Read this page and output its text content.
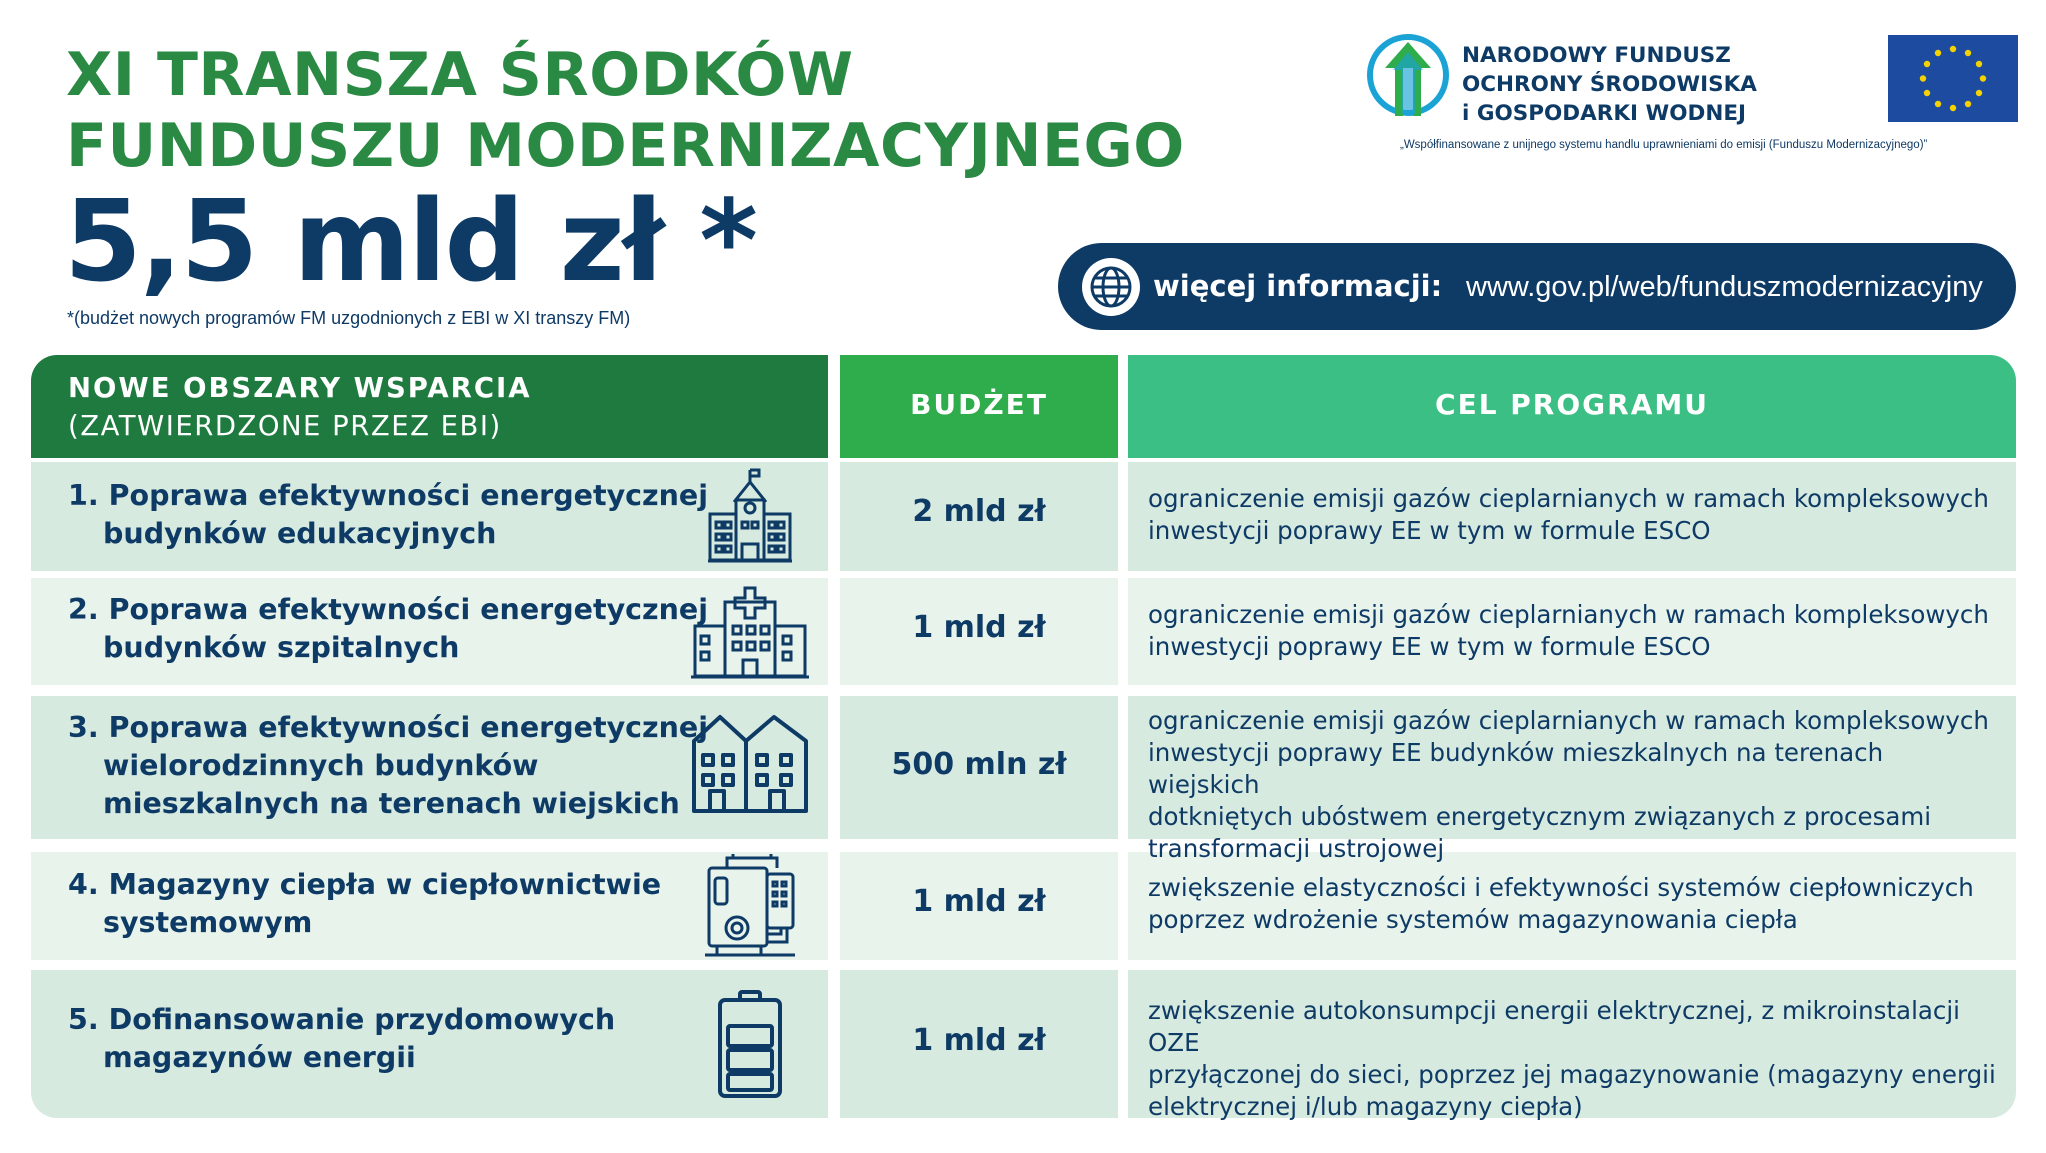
XI TRANSZA ŚRODKÓW
FUNDUSZU MODERNIZACYJNEGO
5,5 mld zł *
*(budżet nowych programów FM uzgodnionych z EBI w XI transzy FM)
NARODOWY FUNDUSZ
OCHRONY ŚRODOWISKA
i GOSPODARKI WODNEJ
„Współfinansowane z unijnego systemu handlu uprawnieniami do emisji (Funduszu Modernizacyjnego)”
więcej informacji: www.gov.pl/web/funduszmodernizacyjny
NOWE OBSZARY WSPARCIA
(ZATWIERDZONE PRZEZ EBI)
BUDŻET	CEL PROGRAMU
1. Poprawa efektywności energetycznej
budynków edukacyjnych
2 mld zł	ograniczenie emisji gazów cieplarnianych w ramach kompleksowych
inwestycji poprawy EE w tym w formule ESCO
2. Poprawa efektywności energetycznej
budynków szpitalnych
1 mld zł	ograniczenie emisji gazów cieplarnianych w ramach kompleksowych
inwestycji poprawy EE w tym w formule ESCO
3. Poprawa efektywności energetycznej
wielorodzinnych budynków
mieszkalnych na terenach wiejskich
500 mln zł
ograniczenie emisji gazów cieplarnianych w ramach kompleksowych
inwestycji poprawy EE budynków mieszkalnych na terenach wiejskich
dotkniętych ubóstwem energetycznym związanych z procesami
transformacji ustrojowej
4. Magazyny ciepła w ciepłownictwie
systemowym
1 mld zł	zwiększenie elastyczności i efektywności systemów ciepłowniczych
poprzez wdrożenie systemów magazynowania ciepła
5. Dofinansowanie przydomowych
magazynów energii	1 mld zł
zwiększenie autokonsumpcji energii elektrycznej, z mikroinstalacji OZE
przyłączonej do sieci, poprzez jej magazynowanie (magazyny energii
elektrycznej i/lub magazyny ciepła)
